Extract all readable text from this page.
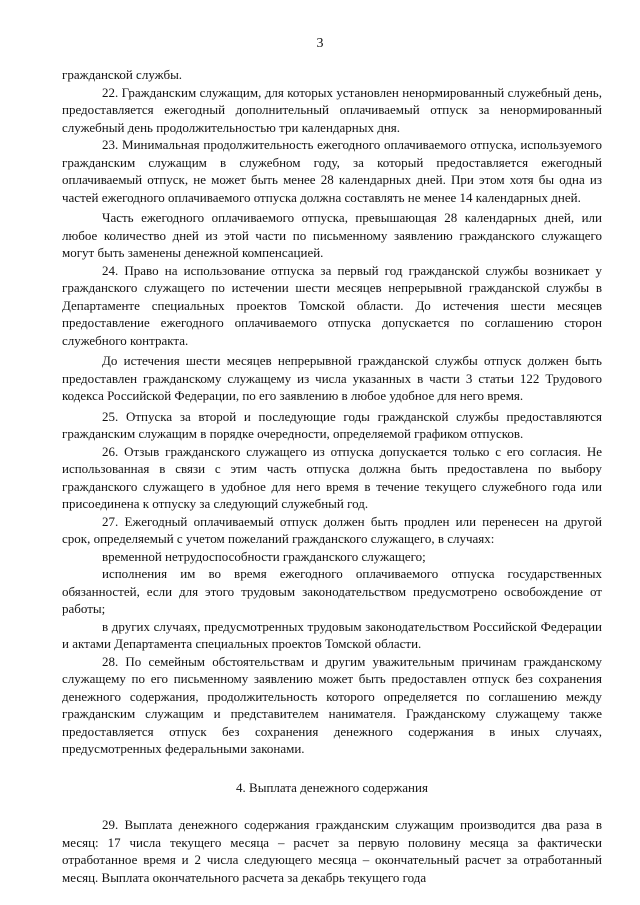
3

гражданской службы.

22. Гражданским служащим, для которых установлен ненормированный служебный день, предоставляется ежегодный дополнительный оплачиваемый отпуск за ненормированный служебный день продолжительностью три календарных дня.

23. Минимальная продолжительность ежегодного оплачиваемого отпуска, используемого гражданским служащим в служебном году, за который предоставляется ежегодный оплачиваемый отпуск, не может быть менее 28 календарных дней. При этом хотя бы одна из частей ежегодного оплачиваемого отпуска должна составлять не менее 14 календарных дней.

Часть ежегодного оплачиваемого отпуска, превышающая 28 календарных дней, или любое количество дней из этой части по письменному заявлению гражданского служащего могут быть заменены денежной компенсацией.

24. Право на использование отпуска за первый год гражданской службы возникает у гражданского служащего по истечении шести месяцев непрерывной гражданской службы в Департаменте специальных проектов Томской области. До истечения шести месяцев предоставление ежегодного оплачиваемого отпуска допускается по соглашению сторон служебного контракта.

До истечения шести месяцев непрерывной гражданской службы отпуск должен быть предоставлен гражданскому служащему из числа указанных в части 3 статьи 122 Трудового кодекса Российской Федерации, по его заявлению в любое удобное для него время.

25. Отпуска за второй и последующие годы гражданской службы предоставляются гражданским служащим в порядке очередности, определяемой графиком отпусков.

26. Отзыв гражданского служащего из отпуска допускается только с его согласия. Не использованная в связи с этим часть отпуска должна быть предоставлена по выбору гражданского служащего в удобное для него время в течение текущего служебного года или присоединена к отпуску за следующий служебный год.

27. Ежегодный оплачиваемый отпуск должен быть продлен или перенесен на другой срок, определяемый с учетом пожеланий гражданского служащего, в случаях:

временной нетрудоспособности гражданского служащего;

исполнения им во время ежегодного оплачиваемого отпуска государственных обязанностей, если для этого трудовым законодательством предусмотрено освобождение от работы;

в других случаях, предусмотренных трудовым законодательством Российской Федерации и актами Департамента специальных проектов Томской области.

28. По семейным обстоятельствам и другим уважительным причинам гражданскому служащему по его письменному заявлению может быть предоставлен отпуск без сохранения денежного содержания, продолжительность которого определяется по соглашению между гражданским служащим и представителем нанимателя. Гражданскому служащему также предоставляется отпуск без сохранения денежного содержания в иных случаях, предусмотренных федеральными законами.

4. Выплата денежного содержания

29. Выплата денежного содержания гражданским служащим производится два раза в месяц: 17 числа текущего месяца – расчет за первую половину месяца за фактически отработанное время и 2 числа следующего месяца – окончательный расчет за отработанный месяц. Выплата окончательного расчета за декабрь текущего года
